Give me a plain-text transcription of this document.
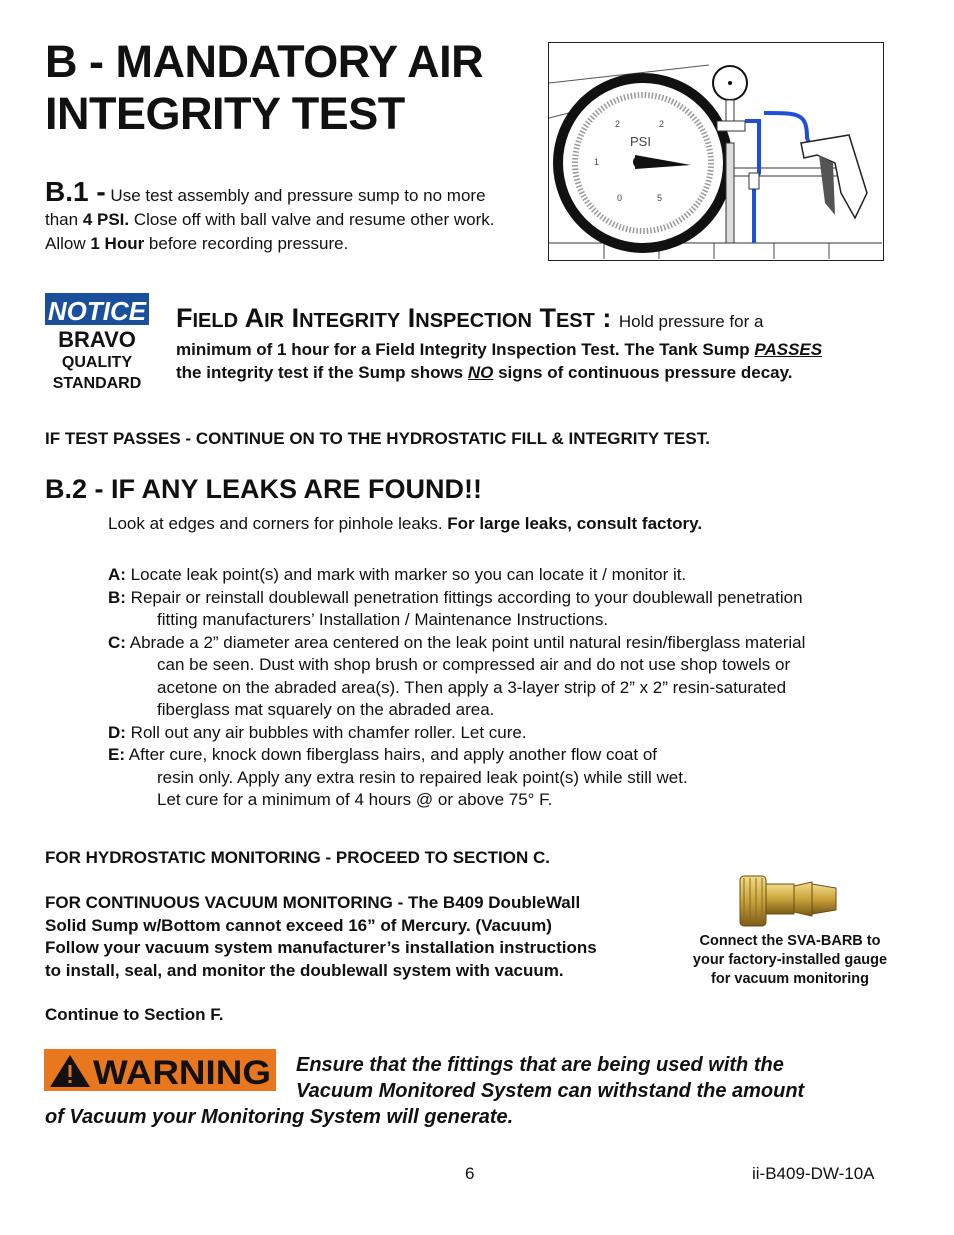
B - MANDATORY AIR
INTEGRITY TEST
B.1 - Use test assembly and pressure sump to no more
than 4 PSI. Close off with ball valve and resume other work.
Allow 1 Hour before recording pressure.
PSI
0
1
2	2
5
NOTICE
BRAVO
QUALITY
STANDARD
FIELD AIR INTEGRITY INSPECTION TEST : Hold pressure for a
minimum of 1 hour for a Field Integrity Inspection Test. The Tank Sump PASSES
the integrity test if the Sump shows NO signs of continuous pressure decay.
IF TEST PASSES - CONTINUE ON TO THE HYDROSTATIC FILL & INTEGRITY TEST.
B.2 - IF ANY LEAKS ARE FOUND!!
Look at edges and corners for pinhole leaks. For large leaks, consult factory.

A: Locate leak point(s) and mark with marker so you can locate it / monitor it.

B: Repair or reinstall doublewall penetration fittings according to your doublewall penetration

fitting manufacturers’ Installation / Maintenance Instructions.

C: Abrade a 2” diameter area centered on the leak point until natural resin/fiberglass material

can be seen. Dust with shop brush or compressed air and do not use shop towels or

acetone on the abraded area(s). Then apply a 3-layer strip of 2” x 2” resin-saturated

fiberglass mat squarely on the abraded area.

D: Roll out any air bubbles with chamfer roller. Let cure.

E: After cure, knock down fiberglass hairs, and apply another flow coat of

resin only. Apply any extra resin to repaired leak point(s) while still wet.

Let cure for a minimum of 4 hours @ or above 75° F.

FOR HYDROSTATIC MONITORING - PROCEED TO SECTION C.
FOR CONTINUOUS VACUUM MONITORING - The B409 DoubleWall
Solid Sump w/Bottom cannot exceed 16” of Mercury. (Vacuum)
Follow your vacuum system manufacturer’s installation instructions
to install, seal, and monitor the doublewall system with vacuum.
Connect the SVA-BARB to
your factory-installed gauge
for vacuum monitoring
Continue to Section F.
WARNING	Ensure that the fittings that are being used with the
Vacuum Monitored System can withstand the amount
of Vacuum your Monitoring System will generate.
6	ii-B409-DW-10A
